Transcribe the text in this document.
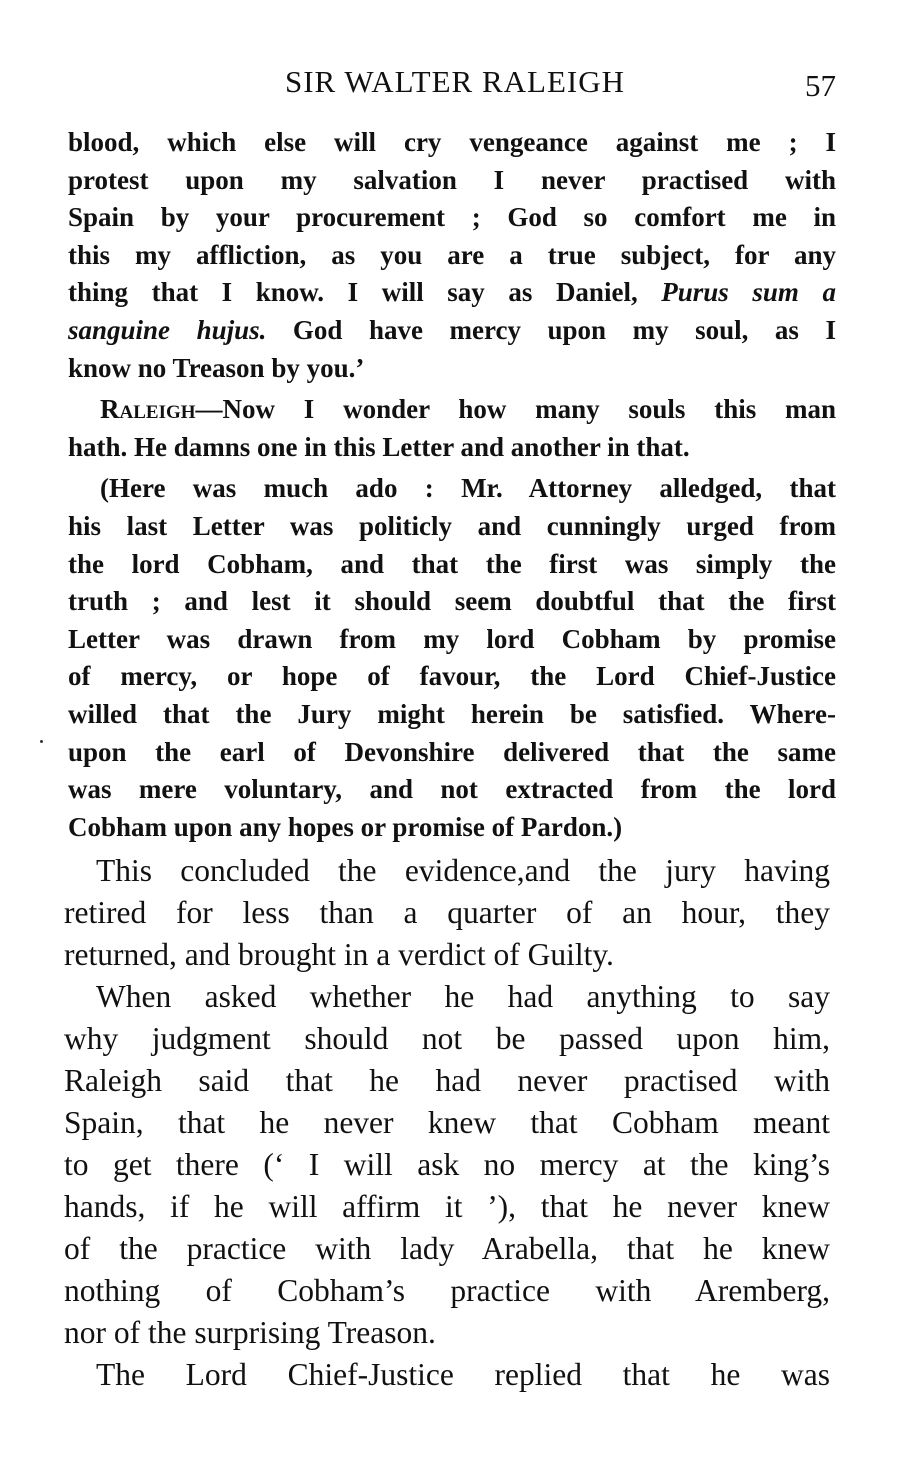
SIR WALTER RALEIGH	57
blood, which else will cry vengeance against me ; I
protest upon my salvation I never practised with
Spain by your procurement ; God so comfort me in
this my affliction, as you are a true subject, for any
thing that I know. I will say as Daniel, Purus sum a
sanguine hujus. God have mercy upon my soul, as I
know no Treason by you.’
Raleigh—Now I wonder how many souls this man
hath. He damns one in this Letter and another in that.
(Here was much ado : Mr. Attorney alledged, that
his last Letter was politicly and cunningly urged from
the lord Cobham, and that the first was simply the
truth ; and lest it should seem doubtful that the first
Letter was drawn from my lord Cobham by promise
of mercy, or hope of favour, the Lord Chief-Justice
willed that the Jury might herein be satisfied. Where-
upon the earl of Devonshire delivered that the same
was mere voluntary, and not extracted from the lord
Cobham upon any hopes or promise of Pardon.)
This concluded the evidence,and the jury having
retired for less than a quarter of an hour, they
returned, and brought in a verdict of Guilty.
When asked whether he had anything to say
why judgment should not be passed upon him,
Raleigh said that he had never practised with
Spain, that he never knew that Cobham meant
to get there (‘ I will ask no mercy at the king’s
hands, if he will affirm it ’), that he never knew
of the practice with lady Arabella, that he knew
nothing of Cobham’s practice with Aremberg,
nor of the surprising Treason.
The Lord Chief-Justice replied that he was
